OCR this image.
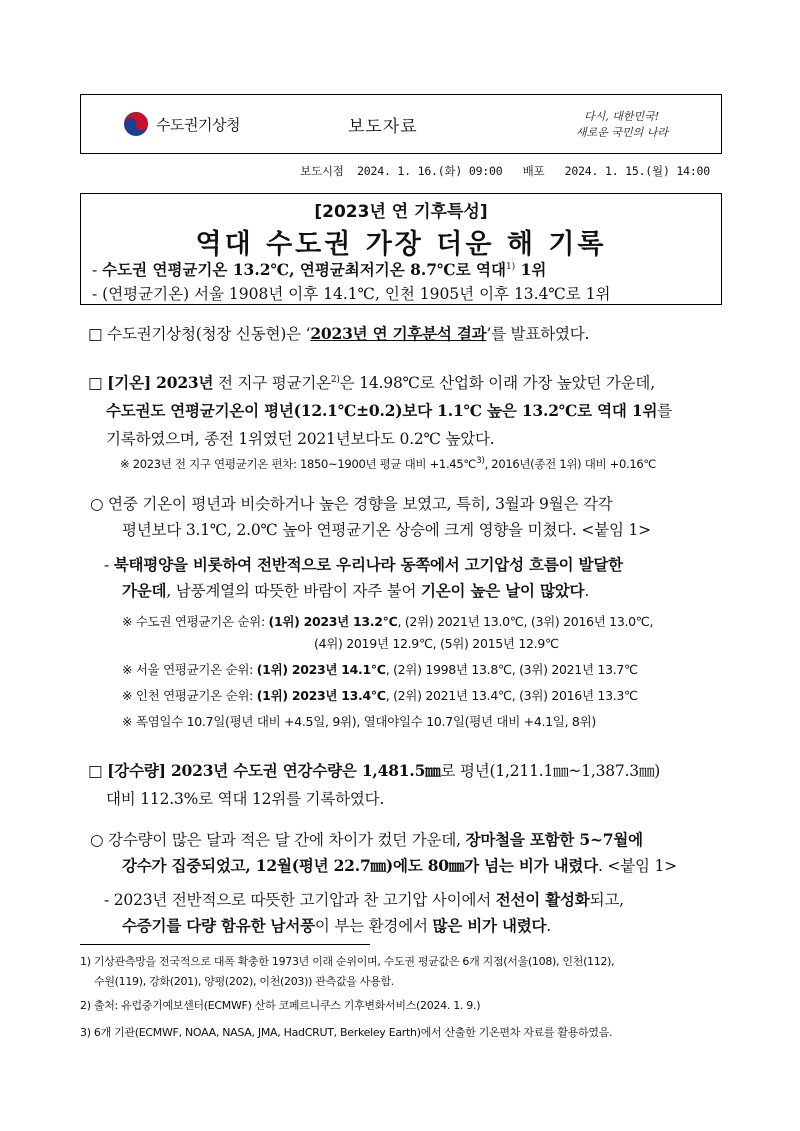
수도권기상청	보도자료
다시, 대한민국!
새로운 국민의 나라
보도시점  2024. 1. 16.(화) 09:00   배포   2024. 1. 15.(월) 14:00
[2023년 연 기후특성]
역대 수도권 가장 더운 해 기록
- 수도권 연평균기온 13.2℃, 연평균최저기온 8.7℃로 역대$^{1)}$ 1위
- (연평균기온) 서울 1908년 이후 14.1℃, 인천 1905년 이후 13.4℃로 1위

□ 수도권기상청(청장 신동현)은 ‘2023년 연 기후분석 결과’를 발표하였다.

□ [기온] 2023년 전 지구 평균기온$^{2)}$은 14.98℃로 산업화 이래 가장 높았던 가운데,

수도권도 연평균기온이 평년(12.1℃±0.2)보다 1.1℃ 높은 13.2℃로 역대 1위를

기록하였으며, 종전 1위였던 2021년보다도 0.2℃ 높았다.

※ 2023년 전 지구 연평균기온 편차: 1850~1900년 평균 대비 +1.45℃$^{3)}$, 2016년(종전 1위) 대비 +0.16℃

○ 연중 기온이 평년과 비슷하거나 높은 경향을 보였고, 특히, 3월과 9월은 각각

평년보다 3.1℃, 2.0℃ 높아 연평균기온 상승에 크게 영향을 미쳤다. <붙임 1>

- 북태평양을 비롯하여 전반적으로 우리나라 동쪽에서 고기압성 흐름이 발달한

가운데, 남풍계열의 따뜻한 바람이 자주 불어 기온이 높은 날이 많았다.

※ 수도권 연평균기온 순위: (1위) 2023년 13.2℃, (2위) 2021년 13.0℃, (3위) 2016년 13.0℃,
(4위) 2019년 12.9℃, (5위) 2015년 12.9℃
※ 서울 연평균기온 순위: (1위) 2023년 14.1℃, (2위) 1998년 13.8℃, (3위) 2021년 13.7℃
※ 인천 연평균기온 순위: (1위) 2023년 13.4℃, (2위) 2021년 13.4℃, (3위) 2016년 13.3℃
※ 폭염일수 10.7일(평년 대비 +4.5일, 9위), 열대야일수 10.7일(평년 대비 +4.1일, 8위)

□ [강수량] 2023년 수도권 연강수량은 1,481.5㎜로 평년(1,211.1㎜~1,387.3㎜)

대비 112.3%로 역대 12위를 기록하였다.

○ 강수량이 많은 달과 적은 달 간에 차이가 컸던 가운데, 장마철을 포함한 5~7월에

강수가 집중되었고, 12월(평년 22.7㎜)에도 80㎜가 넘는 비가 내렸다. <붙임 1>

- 2023년 전반적으로 따뜻한 고기압과 찬 고기압 사이에서 전선이 활성화되고,

수증기를 다량 함유한 남서풍이 부는 환경에서 많은 비가 내렸다.

1) 기상관측망을 전국적으로 대폭 확충한 1973년 이래 순위이며, 수도권 평균값은 6개 지점(서울(108), 인천(112),
수원(119), 강화(201), 양평(202), 이천(203)) 관측값을 사용함.
2) 출처: 유럽중기예보센터(ECMWF) 산하 코페르니쿠스 기후변화서비스(2024. 1. 9.)
3) 6개 기관(ECMWF, NOAA, NASA, JMA, HadCRUT, Berkeley Earth)에서 산출한 기온편차 자료를 활용하였음.
